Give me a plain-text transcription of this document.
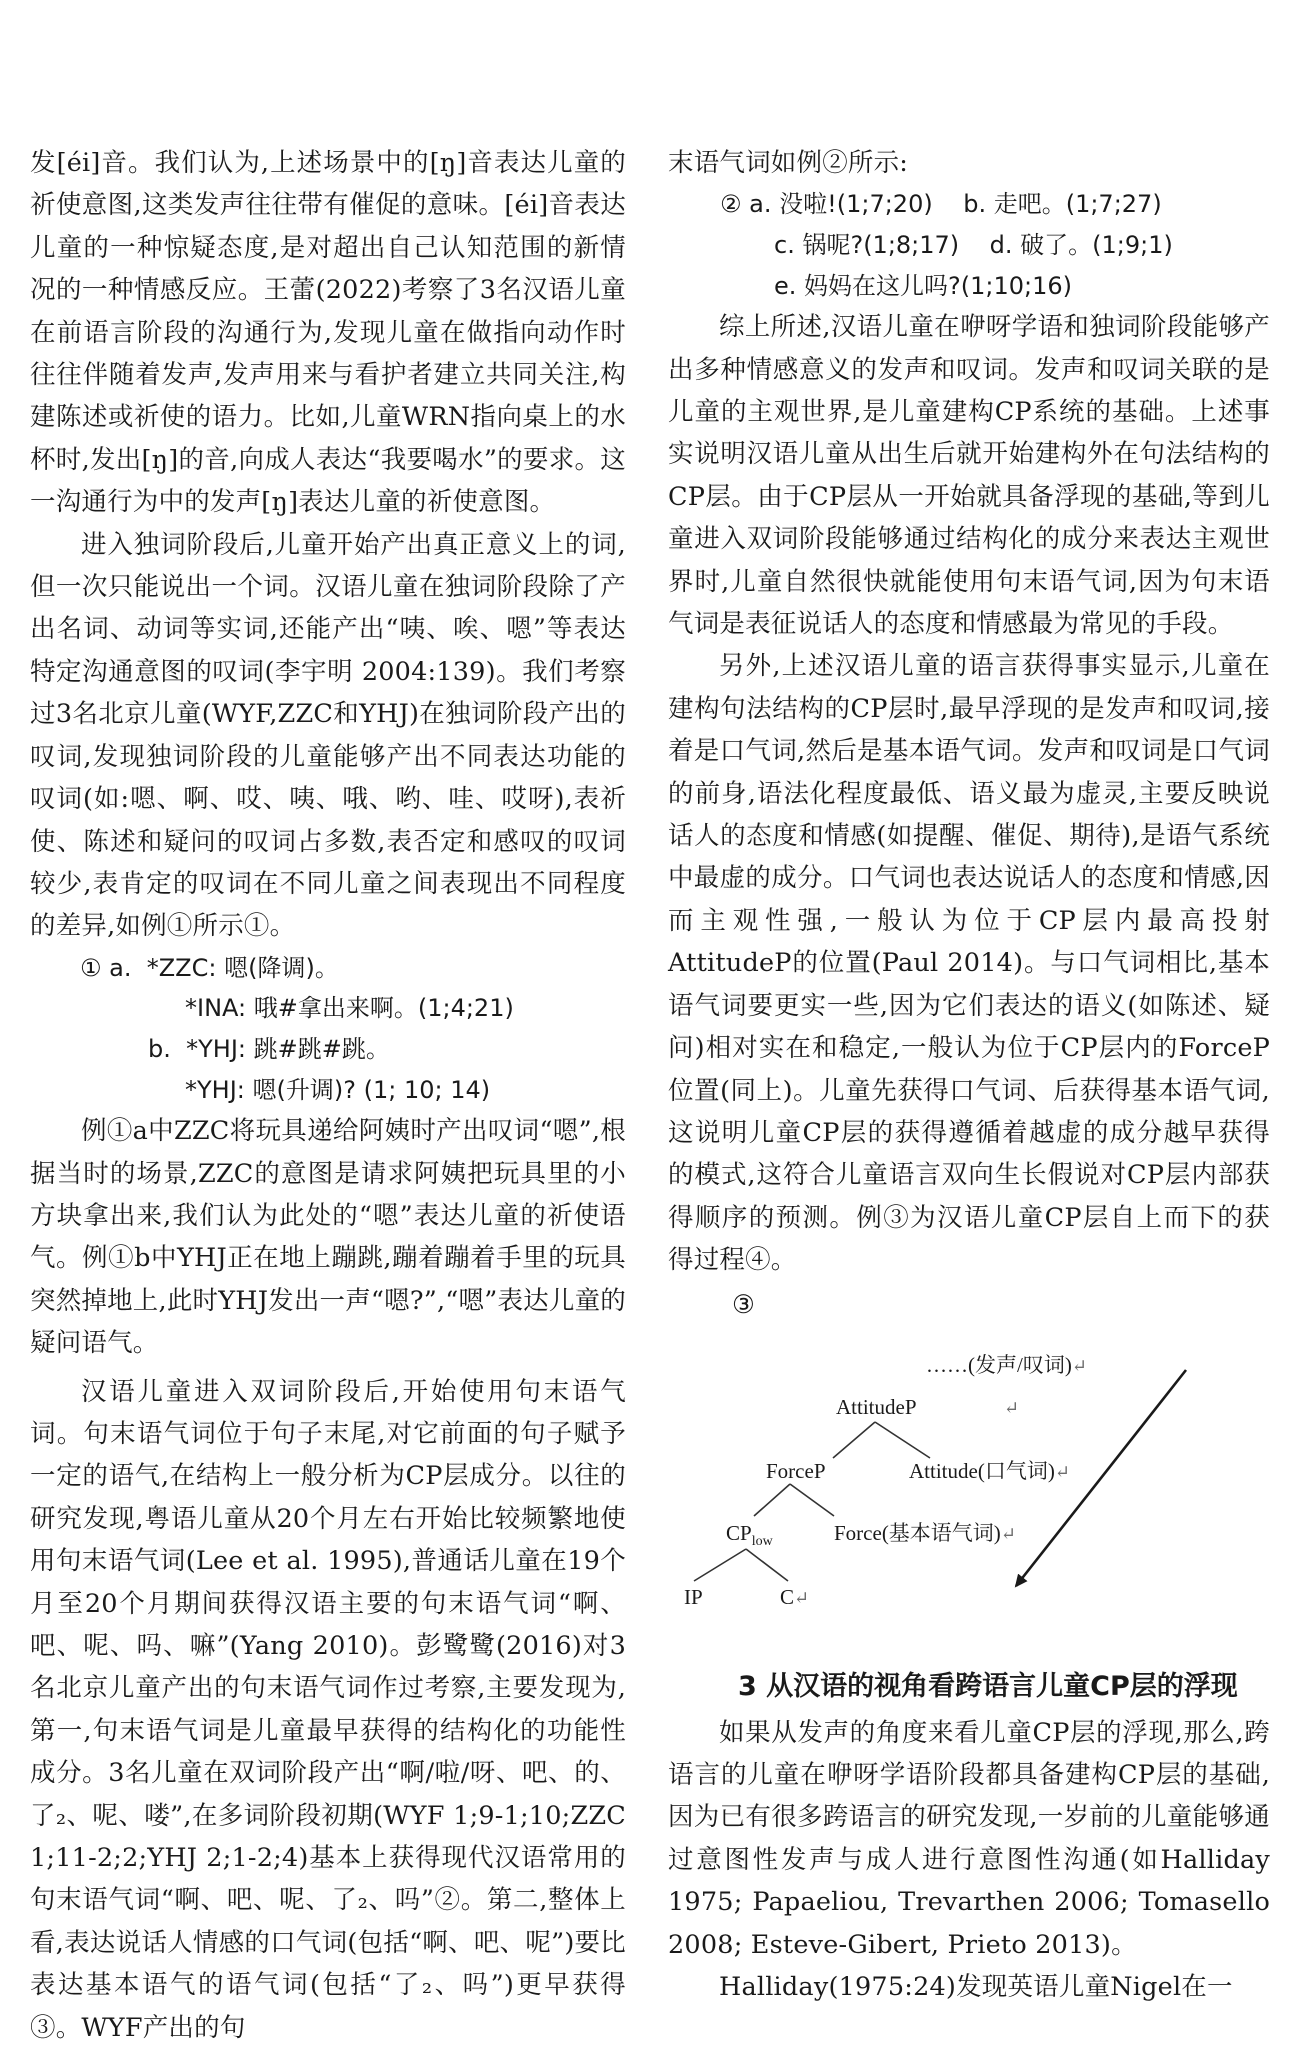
发[éi]音。我们认为,上述场景中的[ŋ]音表达儿童的祈使意图,这类发声往往带有催促的意味。[éi]音表达儿童的一种惊疑态度,是对超出自己认知范围的新情况的一种情感反应。王蕾(2022)考察了3名汉语儿童在前语言阶段的沟通行为,发现儿童在做指向动作时往往伴随着发声,发声用来与看护者建立共同关注,构建陈述或祈使的语力。比如,儿童WRN指向桌上的水杯时,发出[ŋ]的音,向成人表达“我要喝水”的要求。这一沟通行为中的发声[ŋ]表达儿童的祈使意图。

进入独词阶段后,儿童开始产出真正意义上的词,但一次只能说出一个词。汉语儿童在独词阶段除了产出名词、动词等实词,还能产出“咦、唉、嗯”等表达特定沟通意图的叹词(李宇明 2004:139)。我们考察过3名北京儿童(WYF,ZZC和YHJ)在独词阶段产出的叹词,发现独词阶段的儿童能够产出不同表达功能的叹词(如:嗯、啊、哎、咦、哦、哟、哇、哎呀),表祈使、陈述和疑问的叹词占多数,表否定和感叹的叹词较少,表肯定的叹词在不同儿童之间表现出不同程度的差异,如例①所示①。

① a.  *ZZC: 嗯(降调)。
*INA: 哦#拿出来啊。(1;4;21)
b.  *YHJ: 跳#跳#跳。
*YHJ: 嗯(升调)? (1; 10; 14)

例①a中ZZC将玩具递给阿姨时产出叹词“嗯”,根据当时的场景,ZZC的意图是请求阿姨把玩具里的小方块拿出来,我们认为此处的“嗯”表达儿童的祈使语气。例①b中YHJ正在地上蹦跳,蹦着蹦着手里的玩具突然掉地上,此时YHJ发出一声“嗯?”,“嗯”表达儿童的疑问语气。

汉语儿童进入双词阶段后,开始使用句末语气词。句末语气词位于句子末尾,对它前面的句子赋予一定的语气,在结构上一般分析为CP层成分。以往的研究发现,粤语儿童从20个月左右开始比较频繁地使用句末语气词(Lee et al. 1995),普通话儿童在19个月至20个月期间获得汉语主要的句末语气词“啊、吧、呢、吗、嘛”(Yang 2010)。彭鹭鹭(2016)对3名北京儿童产出的句末语气词作过考察,主要发现为,第一,句末语气词是儿童最早获得的结构化的功能性成分。3名儿童在双词阶段产出“啊/啦/呀、吧、的、了₂、呢、喽”,在多词阶段初期(WYF 1;9-1;10;ZZC 1;11-2;2;YHJ 2;1-2;4)基本上获得现代汉语常用的句末语气词“啊、吧、呢、了₂、吗”②。第二,整体上看,表达说话人情感的口气词(包括“啊、吧、呢”)要比表达基本语气的语气词(包括“了₂、吗”)更早获得③。WYF产出的句

末语气词如例②所示:

② a. 没啦!(1;7;20)    b. 走吧。(1;7;27)
c. 锅呢?(1;8;17)    d. 破了。(1;9;1)
e. 妈妈在这儿吗?(1;10;16)

综上所述,汉语儿童在咿呀学语和独词阶段能够产出多种情感意义的发声和叹词。发声和叹词关联的是儿童的主观世界,是儿童建构CP系统的基础。上述事实说明汉语儿童从出生后就开始建构外在句法结构的CP层。由于CP层从一开始就具备浮现的基础,等到儿童进入双词阶段能够通过结构化的成分来表达主观世界时,儿童自然很快就能使用句末语气词,因为句末语气词是表征说话人的态度和情感最为常见的手段。

另外,上述汉语儿童的语言获得事实显示,儿童在建构句法结构的CP层时,最早浮现的是发声和叹词,接着是口气词,然后是基本语气词。发声和叹词是口气词的前身,语法化程度最低、语义最为虚灵,主要反映说话人的态度和情感(如提醒、催促、期待),是语气系统中最虚的成分。口气词也表达说话人的态度和情感,因而主观性强,一般认为位于CP层内最高投射AttitudeP的位置(Paul 2014)。与口气词相比,基本语气词要更实一些,因为它们表达的语义(如陈述、疑问)相对实在和稳定,一般认为位于CP层内的ForceP位置(同上)。儿童先获得口气词、后获得基本语气词,这说明儿童CP层的获得遵循着越虚的成分越早获得的模式,这符合儿童语言双向生长假说对CP层内部获得顺序的预测。例③为汉语儿童CP层自上而下的获得过程④。

③
……(发声/叹词)↵
AttitudeP	↵
ForceP	Attitude(口气词)↵
$CP_{low}$	Force(基本语气词)↵
IP	C↵
3 从汉语的视角看跨语言儿童CP层的浮现

如果从发声的角度来看儿童CP层的浮现,那么,跨语言的儿童在咿呀学语阶段都具备建构CP层的基础,因为已有很多跨语言的研究发现,一岁前的儿童能够通过意图性发声与成人进行意图性沟通(如Halliday 1975; Papaeliou, Trevarthen 2006; Tomasello 2008; Esteve-Gibert, Prieto 2013)。

Halliday(1975:24)发现英语儿童Nigel在一
